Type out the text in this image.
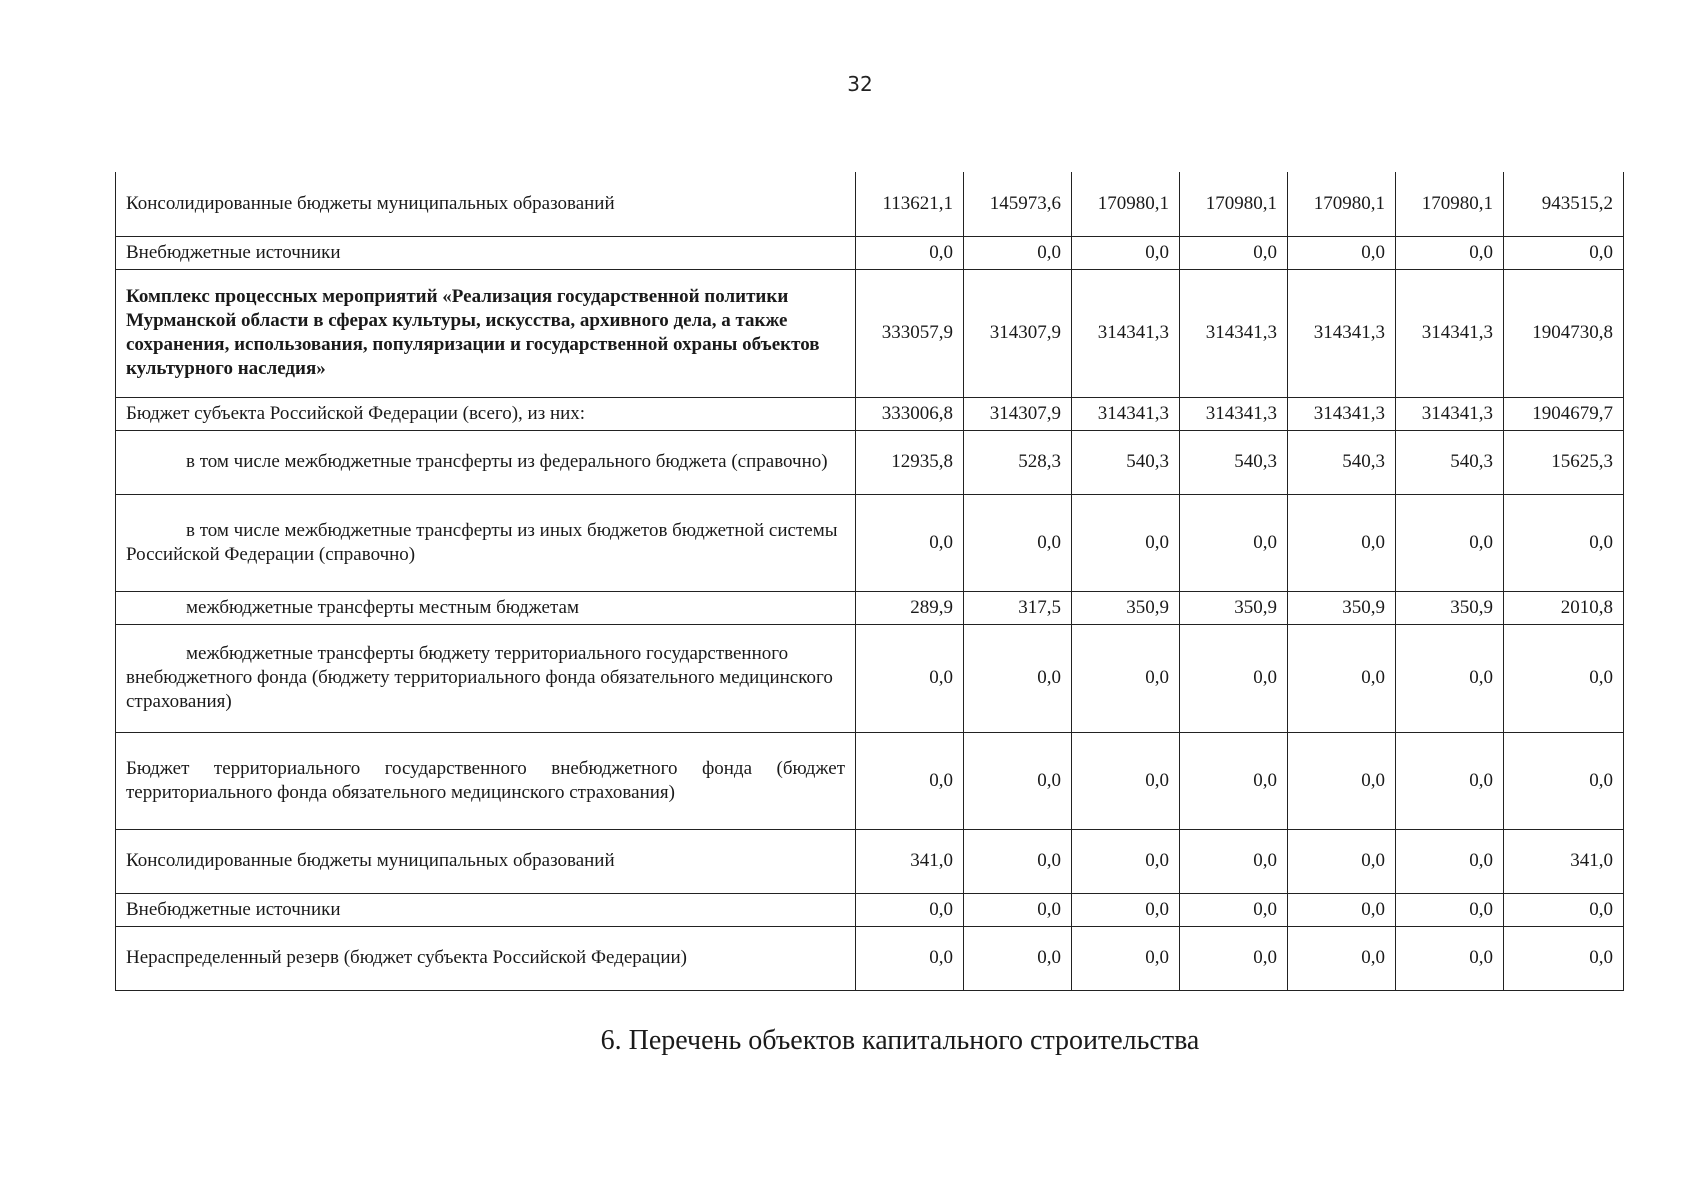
32
Консолидированные бюджеты муниципальных образований	113621,1	145973,6	170980,1	170980,1	170980,1	170980,1	943515,2
Внебюджетные источники	0,0	0,0	0,0	0,0	0,0	0,0	0,0
Комплекс процессных мероприятий «Реализация государственной политики Мурманской области в сферах культуры, искусства, архивного дела, а также сохранения, использования, популяризации и государственной охраны объектов культурного наследия»	333057,9	314307,9	314341,3	314341,3	314341,3	314341,3	1904730,8
Бюджет субъекта Российской Федерации (всего), из них:	333006,8	314307,9	314341,3	314341,3	314341,3	314341,3	1904679,7
в том числе межбюджетные трансферты из федерального бюджета (справочно)	12935,8	528,3	540,3	540,3	540,3	540,3	15625,3
в том числе межбюджетные трансферты из иных бюджетов бюджетной системы Российской Федерации (справочно)	0,0	0,0	0,0	0,0	0,0	0,0	0,0
межбюджетные трансферты местным бюджетам	289,9	317,5	350,9	350,9	350,9	350,9	2010,8
межбюджетные трансферты бюджету территориального государственного внебюджетного фонда (бюджету территориального фонда обязательного медицинского страхования)	0,0	0,0	0,0	0,0	0,0	0,0	0,0
Бюджет территориального государственного внебюджетного фонда (бюджет территориального фонда обязательного медицинского страхования)	0,0	0,0	0,0	0,0	0,0	0,0	0,0
Консолидированные бюджеты муниципальных образований	341,0	0,0	0,0	0,0	0,0	0,0	341,0
Внебюджетные источники	0,0	0,0	0,0	0,0	0,0	0,0	0,0
Нераспределенный резерв (бюджет субъекта Российской Федерации)	0,0	0,0	0,0	0,0	0,0	0,0	0,0
6. Перечень объектов капитального строительства
